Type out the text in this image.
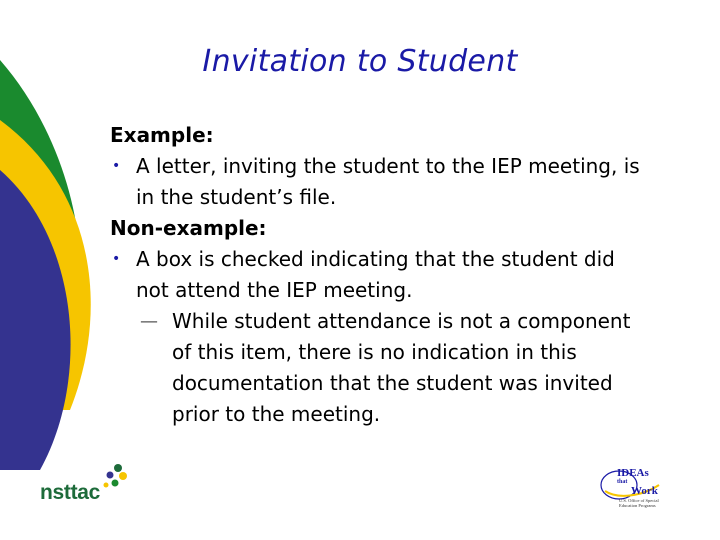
Invitation to Student

Example:

• A letter, inviting the student to the IEP meeting, is
in the student’s file.

Non-example:

• A box is checked indicating that the student did
not attend the IEP meeting.
— While student attendance is not a component
of this item, there is no indication in this
documentation that the student was invited
prior to the meeting.
nsttac
IDEAs
that
Work
U.S. Office of Special Education Programs
